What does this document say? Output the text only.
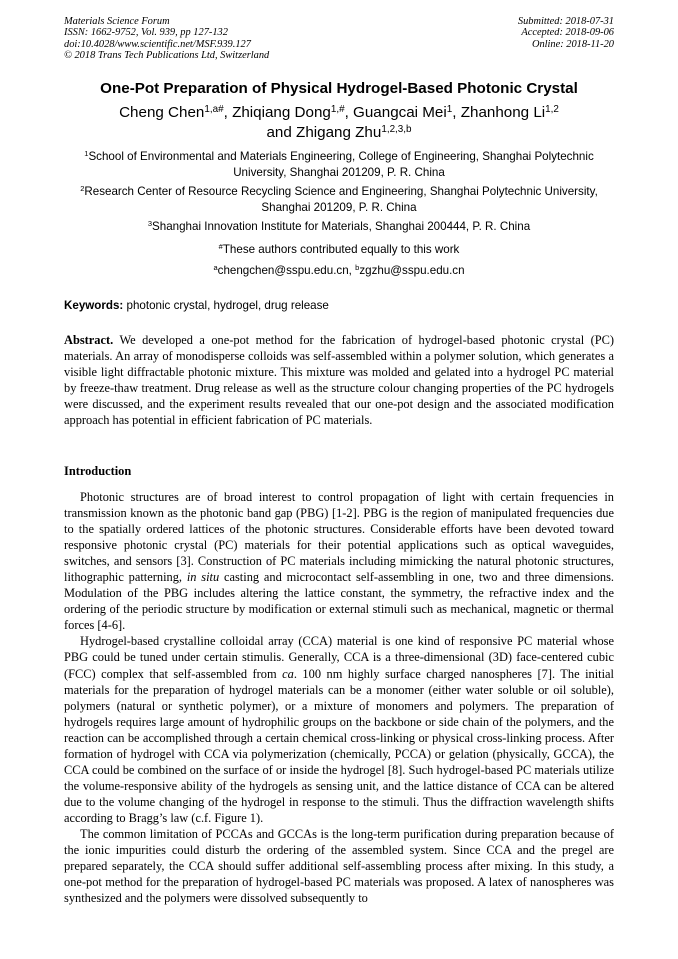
Materials Science Forum
ISSN: 1662-9752, Vol. 939, pp 127-132
doi:10.4028/www.scientific.net/MSF.939.127
© 2018 Trans Tech Publications Ltd, Switzerland
Submitted: 2018-07-31
Accepted: 2018-09-06
Online: 2018-11-20
One-Pot Preparation of Physical Hydrogel-Based Photonic Crystal
Cheng Chen$^{1,a\#}$, Zhiqiang Dong$^{1,\#}$, Guangcai Mei$^1$, Zhanhong Li$^{1,2}$
and Zhigang Zhu$^{1,2,3,b}$
$^1$School of Environmental and Materials Engineering, College of Engineering, Shanghai Polytechnic University, Shanghai 201209, P. R. China
$^2$Research Center of Resource Recycling Science and Engineering, Shanghai Polytechnic University, Shanghai 201209, P. R. China
$^3$Shanghai Innovation Institute for Materials, Shanghai 200444, P. R. China
#These authors contributed equally to this work
$^a$chengchen@sspu.edu.cn, $^b$zgzhu@sspu.edu.cn
Keywords: photonic crystal, hydrogel, drug release
Abstract. We developed a one-pot method for the fabrication of hydrogel-based photonic crystal (PC) materials. An array of monodisperse colloids was self-assembled within a polymer solution, which generates a visible light diffractable photonic mixture. This mixture was molded and gelated into a hydrogel PC material by freeze-thaw treatment. Drug release as well as the structure colour changing properties of the PC hydrogels were discussed, and the experiment results revealed that our one-pot design and the associated modification approach has potential in efficient fabrication of PC materials.
Introduction

Photonic structures are of broad interest to control propagation of light with certain frequencies in transmission known as the photonic band gap (PBG) [1-2]. PBG is the region of manipulated frequencies due to the spatially ordered lattices of the photonic structures. Considerable efforts have been devoted toward responsive photonic crystal (PC) materials for their potential applications such as optical waveguides, switches, and sensors [3]. Construction of PC materials including mimicking the natural photonic structures, lithographic patterning, in situ casting and microcontact self-assembling in one, two and three dimensions. Modulation of the PBG includes altering the lattice constant, the symmetry, the refractive index and the ordering of the periodic structure by modification or external stimuli such as mechanical, magnetic or thermal forces [4-6].

Hydrogel-based crystalline colloidal array (CCA) material is one kind of responsive PC material whose PBG could be tuned under certain stimulis. Generally, CCA is a three-dimensional (3D) face-centered cubic (FCC) complex that self-assembled from ca. 100 nm highly surface charged nanospheres [7]. The initial materials for the preparation of hydrogel materials can be a monomer (either water soluble or oil soluble), polymers (natural or synthetic polymer), or a mixture of monomers and polymers. The preparation of hydrogels requires large amount of hydrophilic groups on the backbone or side chain of the polymers, and the reaction can be accomplished through a certain chemical cross-linking or physical cross-linking process. After formation of hydrogel with CCA via polymerization (chemically, PCCA) or gelation (physically, GCCA), the CCA could be combined on the surface of or inside the hydrogel [8]. Such hydrogel-based PC materials utilize the volume-responsive ability of the hydrogels as sensing unit, and the lattice distance of CCA can be altered due to the volume changing of the hydrogel in response to the stimuli. Thus the diffraction wavelength shifts according to Bragg’s law (c.f. Figure 1).

The common limitation of PCCAs and GCCAs is the long-term purification during preparation because of the ionic impurities could disturb the ordering of the assembled system. Since CCA and the pregel are prepared separately, the CCA should suffer additional self-assembling process after mixing. In this study, a one-pot method for the preparation of hydrogel-based PC materials was proposed. A latex of nanospheres was synthesized and the polymers were dissolved subsequently to
